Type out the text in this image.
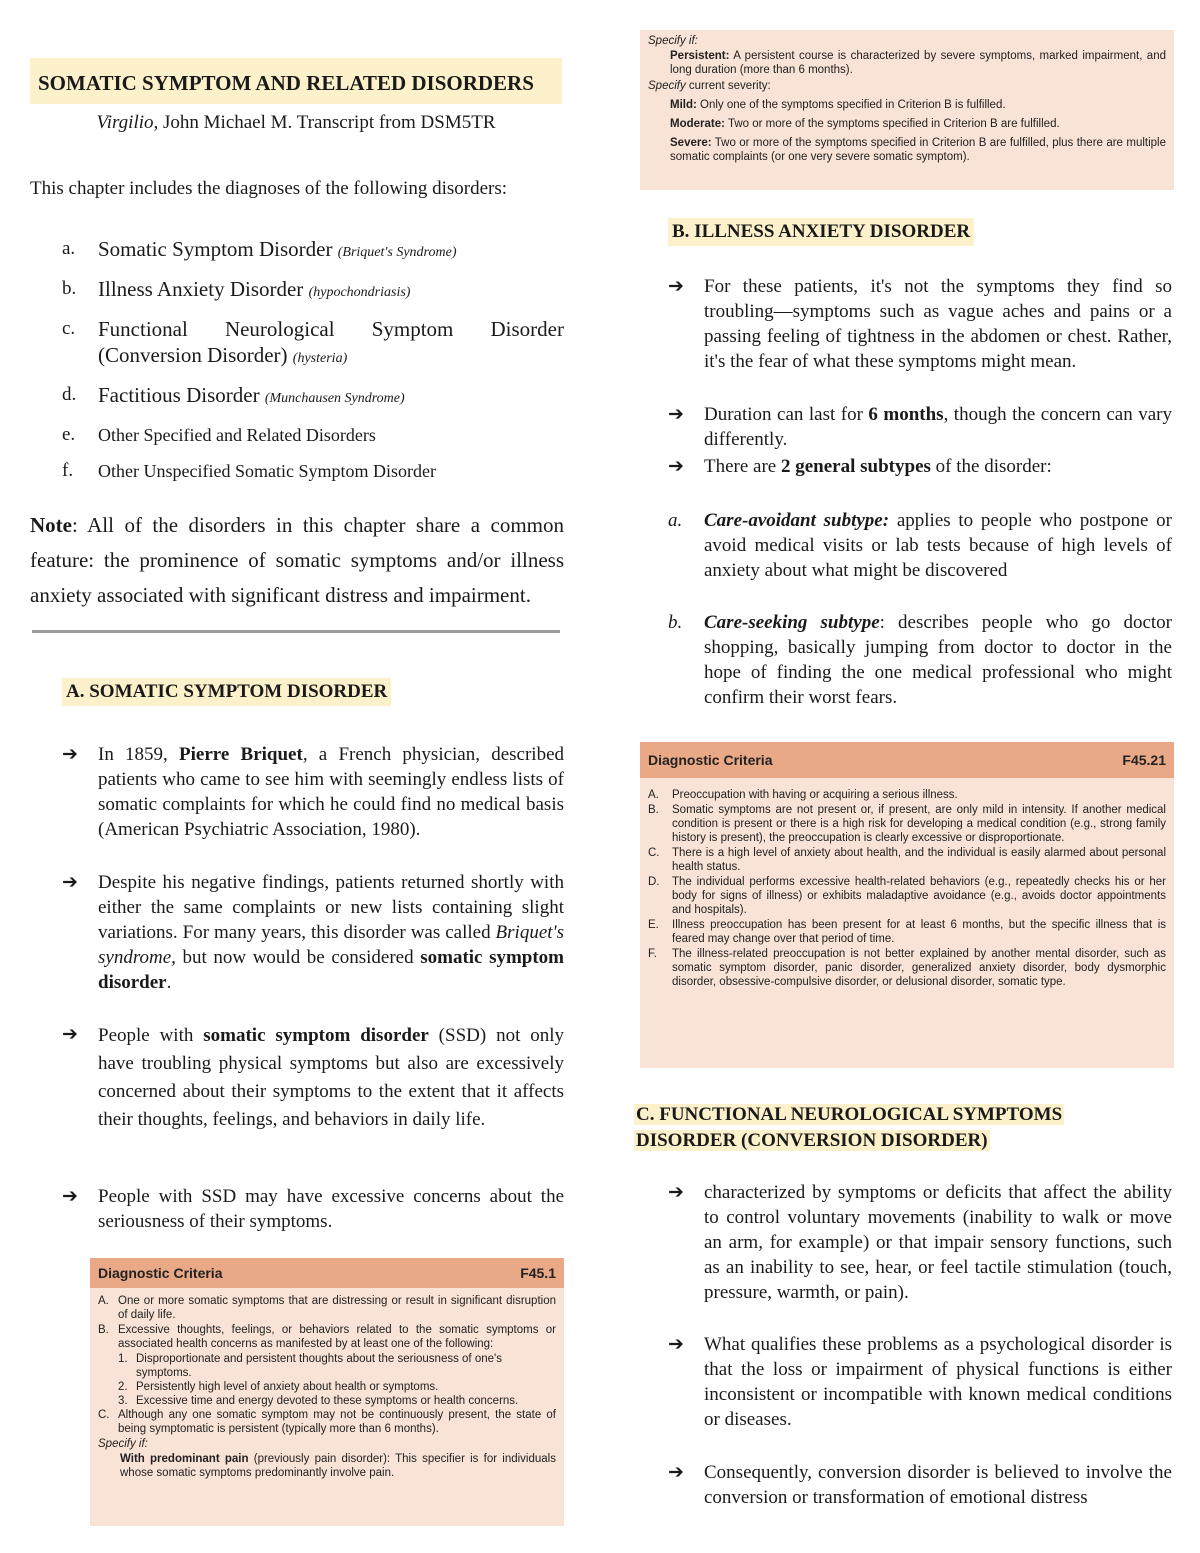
SOMATIC SYMPTOM AND RELATED DISORDERS
Virgilio, John Michael M. Transcript from DSM5TR
This chapter includes the diagnoses of the following disorders:
a.	Somatic Symptom Disorder (Briquet's Syndrome)
b.	Illness Anxiety Disorder (hypochondriasis)
c.	Functional Neurological Symptom Disorder (Conversion Disorder) (hysteria)
d.	Factitious Disorder (Munchausen Syndrome)
e.	Other Specified and Related Disorders
f.	Other Unspecified Somatic Symptom Disorder
Note: All of the disorders in this chapter share a common feature: the prominence of somatic symptoms and/or illness anxiety associated with significant distress and impairment.
A. SOMATIC SYMPTOM DISORDER
➔	In 1859, Pierre Briquet, a French physician, described patients who came to see him with seemingly endless lists of somatic complaints for which he could find no medical basis (American Psychiatric Association, 1980).
➔	Despite his negative findings, patients returned shortly with either the same complaints or new lists containing slight variations. For many years, this disorder was called Briquet's syndrome, but now would be considered somatic symptom disorder.
➔	People with somatic symptom disorder (SSD) not only have troubling physical symptoms but also are excessively concerned about their symptoms to the extent that it affects their thoughts, feelings, and behaviors in daily life.
➔	People with SSD may have excessive concerns about the seriousness of their symptoms.
Diagnostic Criteria	F45.1
A. One or more somatic symptoms that are distressing or result in significant disruption of daily life.
B. Excessive thoughts, feelings, or behaviors related to the somatic symptoms or associated health concerns as manifested by at least one of the following:
1. Disproportionate and persistent thoughts about the seriousness of one's symptoms.
2. Persistently high level of anxiety about health or symptoms.
3. Excessive time and energy devoted to these symptoms or health concerns.
C. Although any one somatic symptom may not be continuously present, the state of being symptomatic is persistent (typically more than 6 months).
Specify if:
With predominant pain (previously pain disorder): This specifier is for individuals whose somatic symptoms predominantly involve pain.
Specify if:
Persistent: A persistent course is characterized by severe symptoms, marked impairment, and long duration (more than 6 months).
Specify current severity:
Mild: Only one of the symptoms specified in Criterion B is fulfilled.
Moderate: Two or more of the symptoms specified in Criterion B are fulfilled.
Severe: Two or more of the symptoms specified in Criterion B are fulfilled, plus there are multiple somatic complaints (or one very severe somatic symptom).
B. ILLNESS ANXIETY DISORDER
➔	For these patients, it's not the symptoms they find so troubling—symptoms such as vague aches and pains or a passing feeling of tightness in the abdomen or chest. Rather, it's the fear of what these symptoms might mean.
➔	Duration can last for 6 months, though the concern can vary differently.
➔	There are 2 general subtypes of the disorder:
a.	Care-avoidant subtype: applies to people who postpone or avoid medical visits or lab tests because of high levels of anxiety about what might be discovered
b.	Care-seeking subtype: describes people who go doctor shopping, basically jumping from doctor to doctor in the hope of finding the one medical professional who might confirm their worst fears.
Diagnostic Criteria	F45.21
A.	Preoccupation with having or acquiring a serious illness.
B.	Somatic symptoms are not present or, if present, are only mild in intensity. If another medical condition is present or there is a high risk for developing a medical condition (e.g., strong family history is present), the preoccupation is clearly excessive or disproportionate.
C.	There is a high level of anxiety about health, and the individual is easily alarmed about personal health status.
D.	The individual performs excessive health-related behaviors (e.g., repeatedly checks his or her body for signs of illness) or exhibits maladaptive avoidance (e.g., avoids doctor appointments and hospitals).
E.	Illness preoccupation has been present for at least 6 months, but the specific illness that is feared may change over that period of time.
F.	The illness-related preoccupation is not better explained by another mental disorder, such as somatic symptom disorder, panic disorder, generalized anxiety disorder, body dysmorphic disorder, obsessive-compulsive disorder, or delusional disorder, somatic type.
C. FUNCTIONAL NEUROLOGICAL SYMPTOMS
DISORDER (CONVERSION DISORDER)
➔	characterized by symptoms or deficits that affect the ability to control voluntary movements (inability to walk or move an arm, for example) or that impair sensory functions, such as an inability to see, hear, or feel tactile stimulation (touch, pressure, warmth, or pain).
➔	What qualifies these problems as a psychological disorder is that the loss or impairment of physical functions is either inconsistent or incompatible with known medical conditions or diseases.
➔	Consequently, conversion disorder is believed to involve the conversion or transformation of emotional distress
